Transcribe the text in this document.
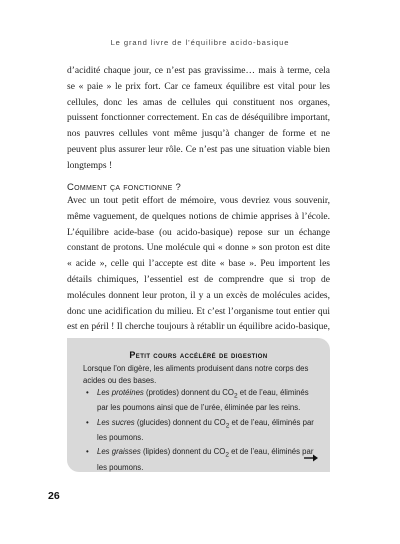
Le grand livre de l’équilibre acido-basique

d’acidité chaque jour, ce n’est pas gravissime… mais à terme, cela se « paie » le prix fort. Car ce fameux équilibre est vital pour les cellules, donc les amas de cellules qui constituent nos organes, puissent fonctionner correctement. En cas de déséquilibre important, nos pauvres cellules vont même jusqu’à changer de forme et ne peuvent plus assurer leur rôle. Ce n’est pas une situation viable bien longtemps !

Comment ça fonctionne ?

Avec un tout petit effort de mémoire, vous devriez vous souvenir, même vaguement, de quelques notions de chimie apprises à l’école. L’équilibre acide-base (ou acido-basique) repose sur un échange constant de protons. Une molécule qui « donne » son proton est dite « acide », celle qui l’accepte est dite « base ». Peu importent les détails chimiques, l’essentiel est de comprendre que si trop de molécules donnent leur proton, il y a un excès de molécules acides, donc une acidification du milieu. Et c’est l’organisme tout entier qui est en péril ! Il cherche toujours à rétablir un équilibre acido-basique,

Petit cours accéléré de digestion

Lorsque l’on digère, les aliments produisent dans notre corps des acides ou des bases.

• Les protéines (protides) donnent du $CO_2$ et de l’eau, éliminés par les poumons ainsi que de l’urée, éliminée par les reins.
• Les sucres (glucides) donnent du $CO_2$ et de l’eau, éliminés par les poumons.
• Les graisses (lipides) donnent du $CO_2$ et de l’eau, éliminés par les poumons.
26
